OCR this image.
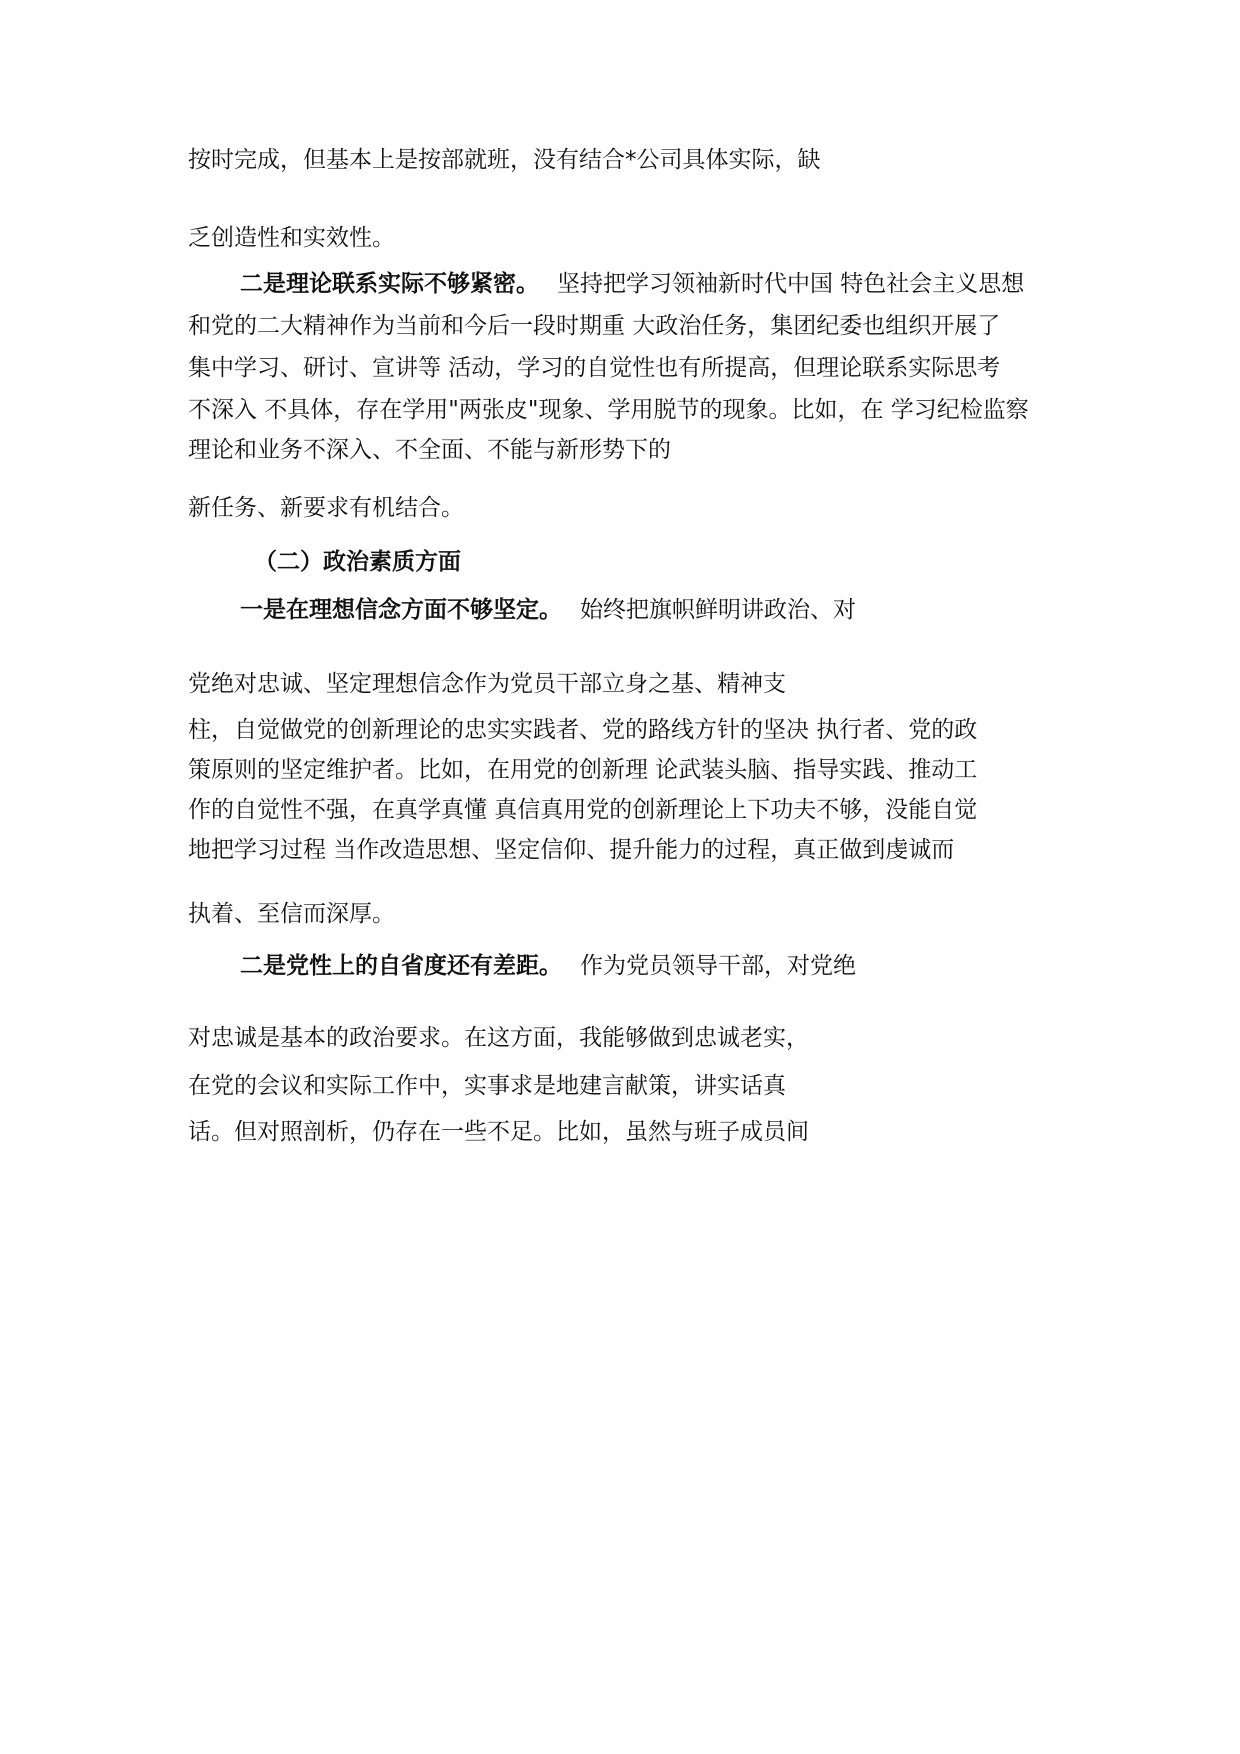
按时完成，但基本上是按部就班，没有结合*公司具体实际，缺
乏创造性和实效性。
二是理论联系实际不够紧密。 坚持把学习领袖新时代中国 特色社会主义思想
和党的二大精神作为当前和今后一段时期重 大政治任务，集团纪委也组织开展了
集中学习、研讨、宣讲等 活动，学习的自觉性也有所提高，但理论联系实际思考
不深入 不具体，存在学用"两张皮"现象、学用脱节的现象。比如，在 学习纪检监察
理论和业务不深入、不全面、不能与新形势下的
新任务、新要求有机结合。
（二）政治素质方面
一是在理想信念方面不够坚定。 始终把旗帜鲜明讲政治、对
党绝对忠诚、坚定理想信念作为党员干部立身之基、精神支
柱，自觉做党的创新理论的忠实实践者、党的路线方针的坚决 执行者、党的政
策原则的坚定维护者。比如，在用党的创新理 论武装头脑、指导实践、推动工
作的自觉性不强，在真学真懂 真信真用党的创新理论上下功夫不够，没能自觉
地把学习过程 当作改造思想、坚定信仰、提升能力的过程，真正做到虔诚而
执着、至信而深厚。
二是党性上的自省度还有差距。 作为党员领导干部，对党绝
对忠诚是基本的政治要求。在这方面，我能够做到忠诚老实，
在党的会议和实际工作中，实事求是地建言献策，讲实话真
话。但对照剖析，仍存在一些不足。比如，虽然与班子成员间
